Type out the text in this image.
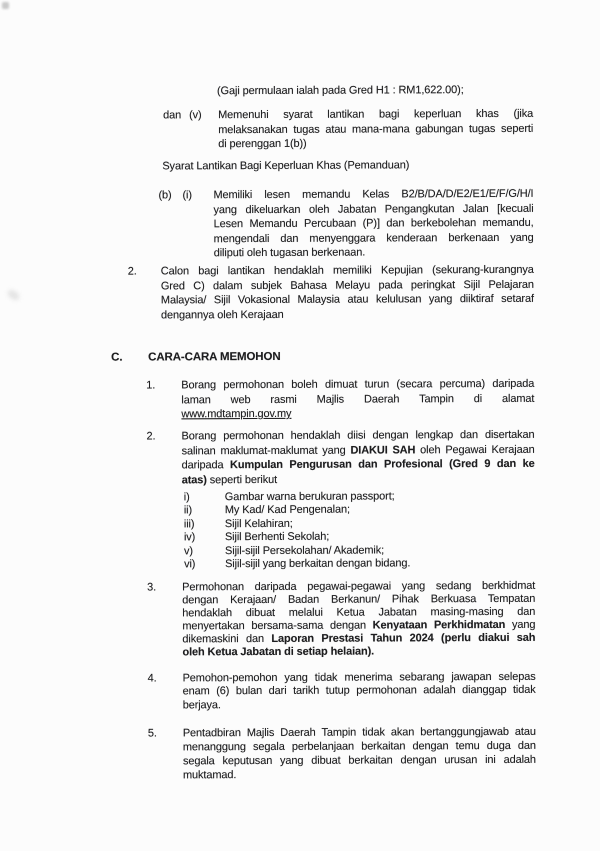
(Gaji permulaan ialah pada Gred H1 : RM1,622.00);
dan (v) Memenuhi syarat lantikan bagi keperluan khas (jika
melaksanakan tugas atau mana-mana gabungan tugas seperti
di perenggan 1(b))
Syarat Lantikan Bagi Keperluan Khas (Pemanduan)
(b) (i) Memiliki lesen memandu Kelas B2/B/DA/D/E2/E1/E/F/G/H/I
yang dikeluarkan oleh Jabatan Pengangkutan Jalan [kecuali
Lesen Memandu Percubaan (P)] dan berkebolehan memandu,
mengendali dan menyenggara kenderaan berkenaan yang
diliputi oleh tugasan berkenaan.
2. Calon bagi lantikan hendaklah memiliki Kepujian (sekurang-kurangnya
Gred C) dalam subjek Bahasa Melayu pada peringkat Sijil Pelajaran
Malaysia/ Sijil Vokasional Malaysia atau kelulusan yang diiktiraf setaraf
dengannya oleh Kerajaan
C. CARA-CARA MEMOHON
1. Borang permohonan boleh dimuat turun (secara percuma) daripada
laman web rasmi Majlis Daerah Tampin di alamat
www.mdtampin.gov.my
2. Borang permohonan hendaklah diisi dengan lengkap dan disertakan
salinan maklumat-maklumat yang DIAKUI SAH oleh Pegawai Kerajaan
daripada Kumpulan Pengurusan dan Profesional (Gred 9 dan ke
atas) seperti berikut
i)	Gambar warna berukuran passport;
ii)	My Kad/ Kad Pengenalan;
iii)	Sijil Kelahiran;
iv)	Sijil Berhenti Sekolah;
v)	Sijil-sijil Persekolahan/ Akademik;
vi)	Sijil-sijil yang berkaitan dengan bidang.
3. Permohonan daripada pegawai-pegawai yang sedang berkhidmat
dengan Kerajaan/ Badan Berkanun/ Pihak Berkuasa Tempatan
hendaklah dibuat melalui Ketua Jabatan masing-masing dan
menyertakan bersama-sama dengan Kenyataan Perkhidmatan yang
dikemaskini dan Laporan Prestasi Tahun 2024 (perlu diakui sah
oleh Ketua Jabatan di setiap helaian).
4. Pemohon-pemohon yang tidak menerima sebarang jawapan selepas
enam (6) bulan dari tarikh tutup permohonan adalah dianggap tidak
berjaya.
5. Pentadbiran Majlis Daerah Tampin tidak akan bertanggungjawab atau
menanggung segala perbelanjaan berkaitan dengan temu duga dan
segala keputusan yang dibuat berkaitan dengan urusan ini adalah
muktamad.
